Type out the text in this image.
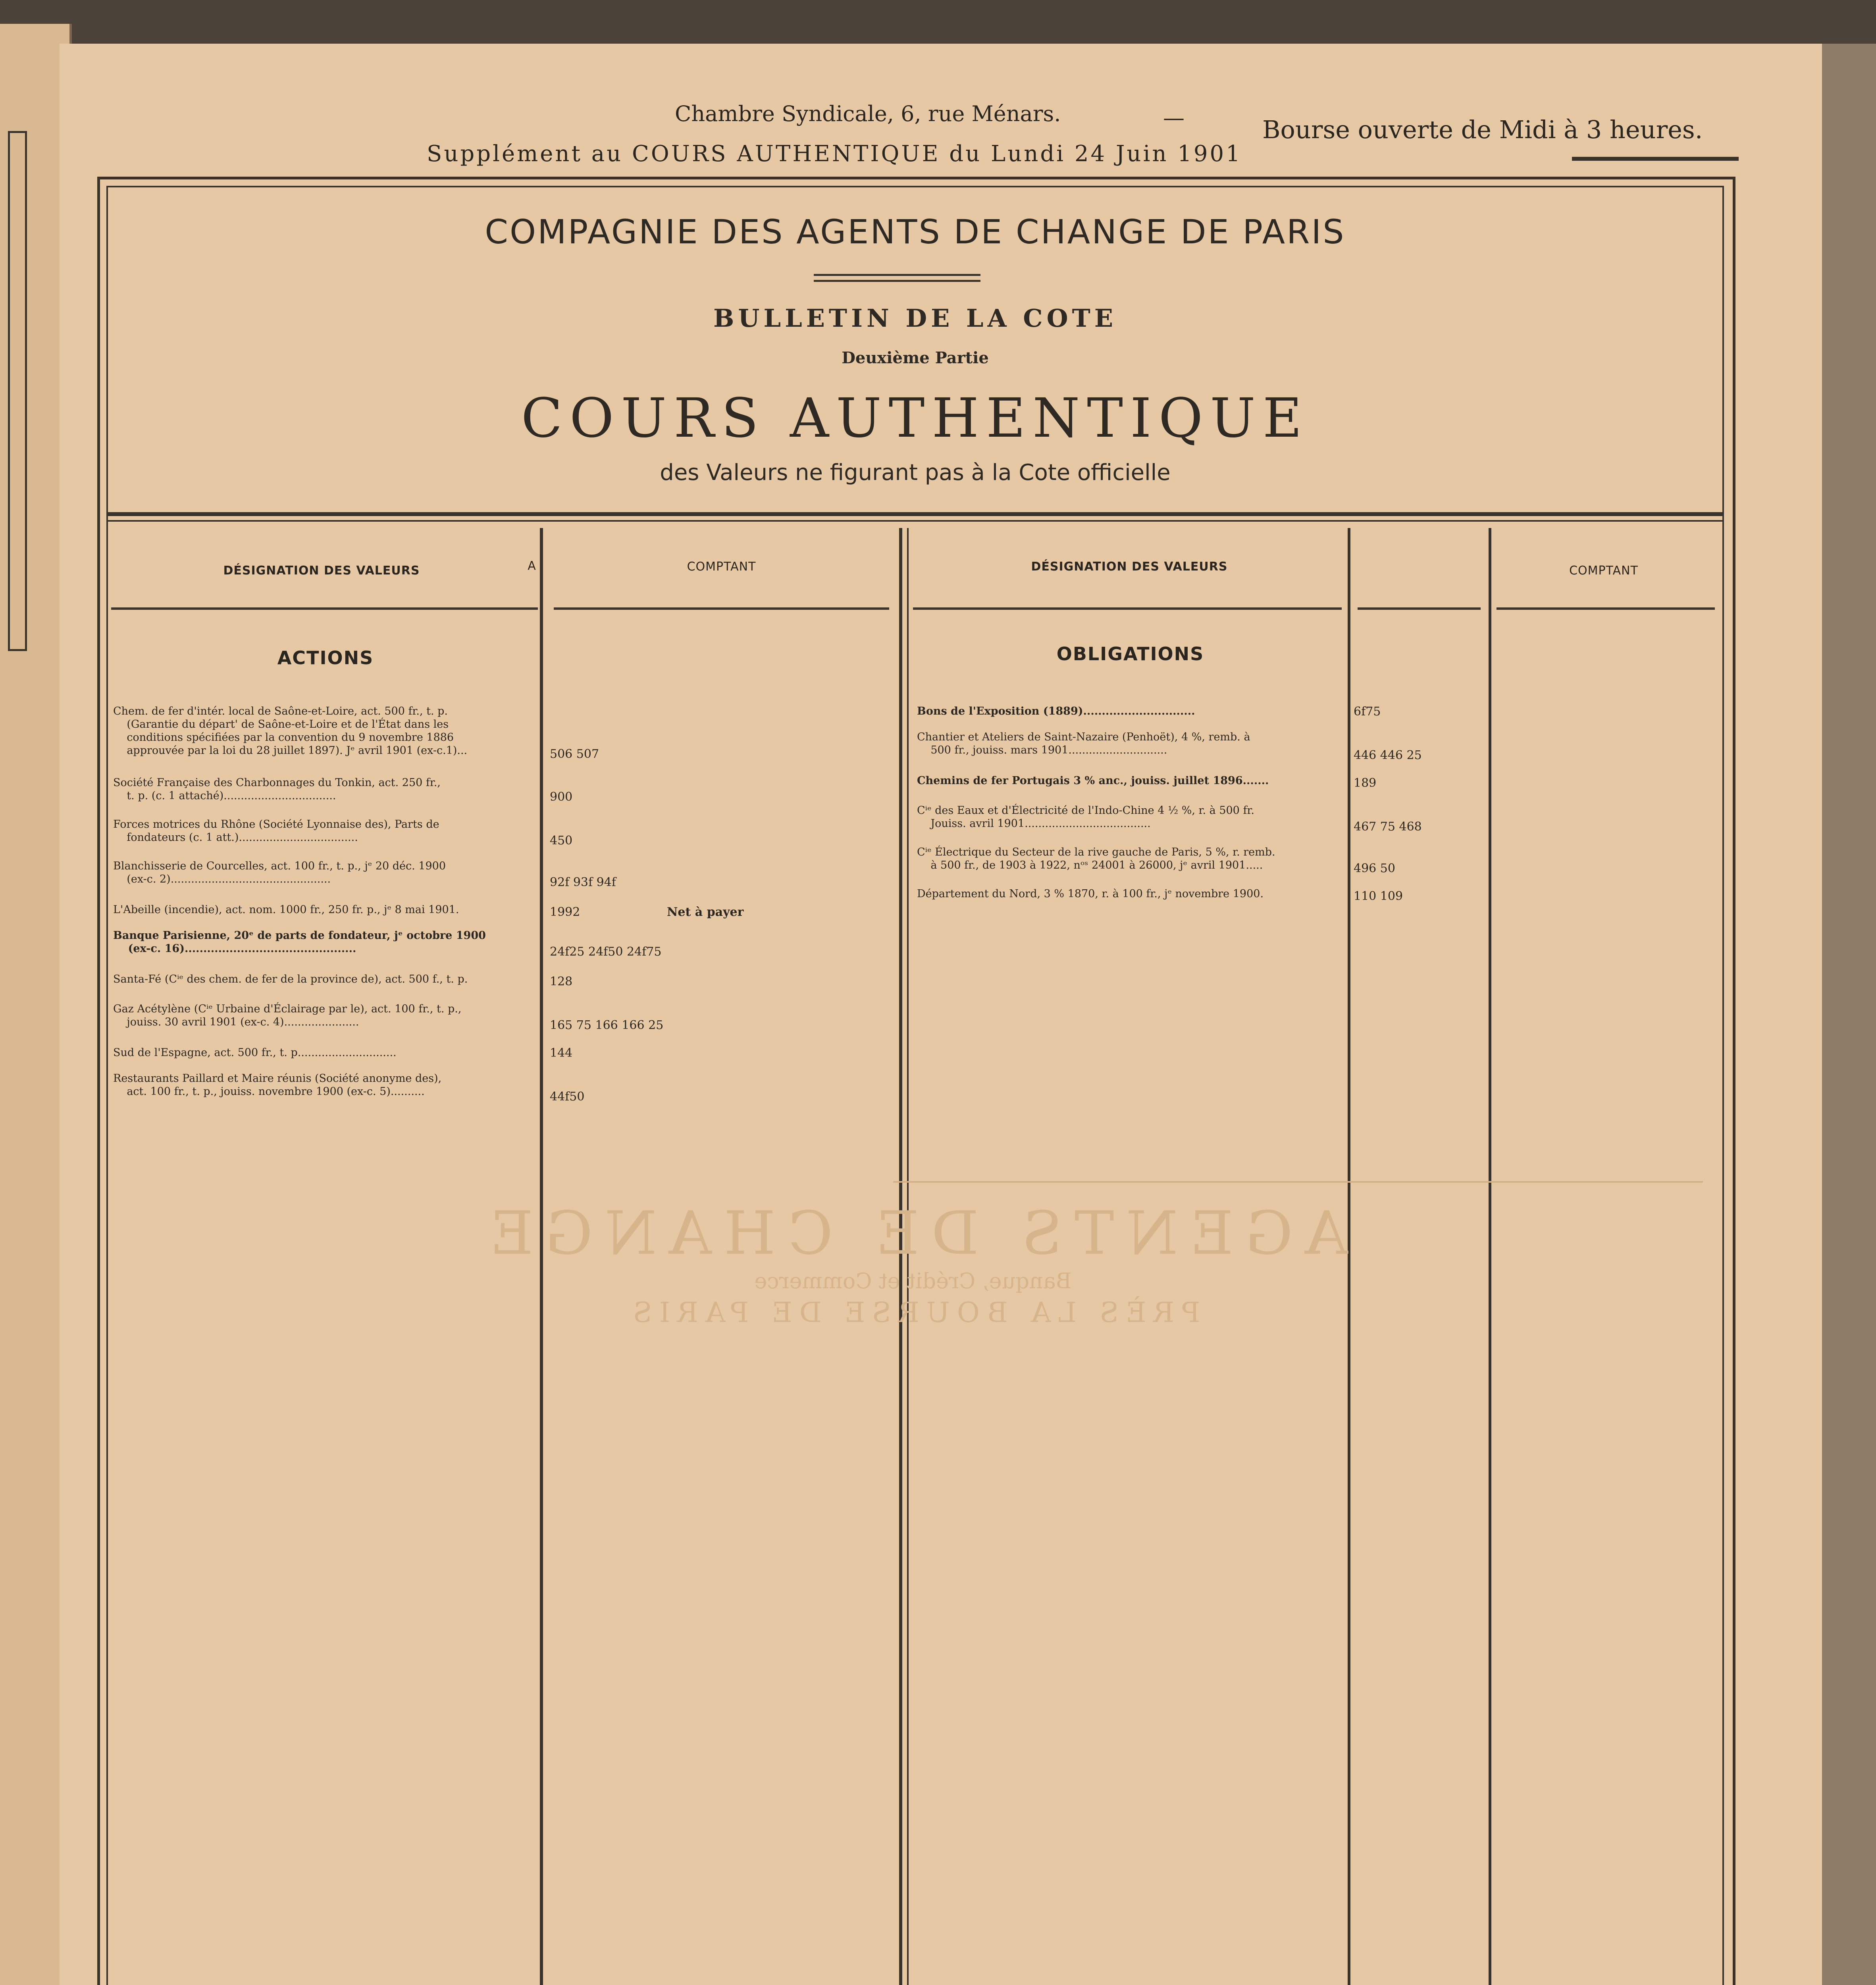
Chambre Syndicale, 6, rue Ménars.	—	Bourse ouverte de Midi à 3 heures.
Supplément au COURS AUTHENTIQUE du Lundi 24 Juin 1901
COMPAGNIE DES AGENTS DE CHANGE DE PARIS
BULLETIN DE LA COTE
Deuxième Partie
COURS AUTHENTIQUE
des Valeurs ne figurant pas à la Cote officielle
DÉSIGNATION DES VALEURS	A	COMPTANT	DÉSIGNATION DES VALEURS	COMPTANT
ACTIONS	OBLIGATIONS
Chem. de fer d'intér. local de Saône-et-Loire, act. 500 fr., t. p.
(Garantie du départ' de Saône-et-Loire et de l'État dans les
conditions spécifiées par la convention du 9 novembre 1886
approuvée par la loi du 28 juillet 1897). Jᵉ avril 1901 (ex-c.1)...	506 507
Société Française des Charbonnages du Tonkin, act. 250 fr.,
t. p. (c. 1 attaché).................................	900
Forces motrices du Rhône (Société Lyonnaise des), Parts de
fondateurs (c. 1 att.)...................................	450
Blanchisserie de Courcelles, act. 100 fr., t. p., jᵉ 20 déc. 1900
(ex-c. 2)...............................................	92f 93f 94f
L'Abeille (incendie), act. nom. 1000 fr., 250 fr. p., jᵉ 8 mai 1901.	1992	Net à payer
Banque Parisienne, 20ᵉ de parts de fondateur, jᵉ octobre 1900
(ex-c. 16)..............................................	24f25 24f50 24f75
Santa-Fé (Cⁱᵉ des chem. de fer de la province de), act. 500 f., t. p.	128
Gaz Acétylène (Cⁱᵉ Urbaine d'Éclairage par le), act. 100 fr., t. p.,
jouiss. 30 avril 1901 (ex-c. 4)......................	165 75 166 166 25
Sud de l'Espagne, act. 500 fr., t. p.............................	144
Restaurants Paillard et Maire réunis (Société anonyme des),
act. 100 fr., t. p., jouiss. novembre 1900 (ex-c. 5)..........	44f50
Bons de l'Exposition (1889)..............................	6f75
Chantier et Ateliers de Saint-Nazaire (Penhoët), 4 %, remb. à
500 fr., jouiss. mars 1901.............................	446 446 25
Chemins de fer Portugais 3 % anc., jouiss. juillet 1896.......	189
Cⁱᵉ des Eaux et d'Électricité de l'Indo-Chine 4 ½ %, r. à 500 fr.
Jouiss. avril 1901.....................................	467 75 468
Cⁱᵉ Électrique du Secteur de la rive gauche de Paris, 5 %, r. remb.
à 500 fr., de 1903 à 1922, nᵒˢ 24001 à 26000, jᵉ avril 1901.....	496 50
Département du Nord, 3 % 1870, r. à 100 fr., jᵉ novembre 1900.	110 109
AGENTS DE CHANGE
Banque, Crédit et Commerce
PRÈS LA BOURSE DE PARIS
